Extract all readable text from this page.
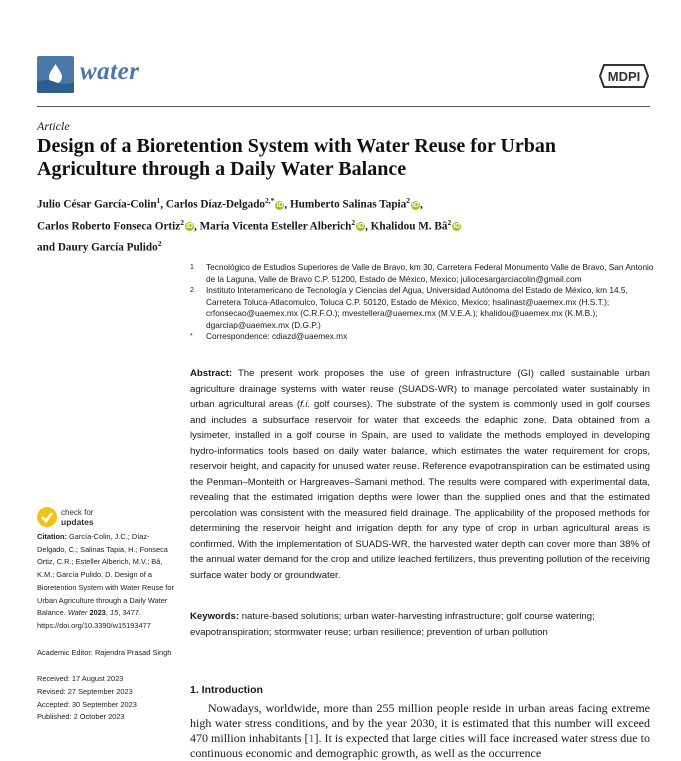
water	MDPI
Article
Design of a Bioretention System with Water Reuse for Urban Agriculture through a Daily Water Balance
Julio César García-Colin$^1$, Carlos Díaz-Delgado$^{2,*}$iD, Humberto Salinas Tapia$^2$iD,
Carlos Roberto Fonseca Ortiz$^2$iD, María Vicenta Esteller Alberich$^2$iD, Khalidou M. $Bâ^2iD$
and Daury García Pulido$^2$
1 Tecnológico de Estudios Superiores de Valle de Bravo, km 30, Carretera Federal Monumento Valle de Bravo, San Antonio de la Laguna, Valle de Bravo C.P. 51200, Estado de México, Mexico; juliocesargarciacolin@gmail.com
2 Instituto Interamericano de Tecnología y Ciencias del Agua, Universidad Autónoma del Estado de México, km 14.5, Carretera Toluca-Atlacomulco, Toluca C.P. 50120, Estado de México, Mexico; hsalinast@uaemex.mx (H.S.T.); crfonsecao@uaemex.mx (C.R.F.O.); mvestellera@uaemex.mx (M.V.E.A.); khalidou@uaemex.mx (K.M.B.); dgarciap@uaemex.mx (D.G.P.)
* Correspondence: cdiazd@uaemex.mx
Abstract: The present work proposes the use of green infrastructure (GI) called sustainable urban agriculture drainage systems with water reuse (SUADS-WR) to manage percolated water sustainably in urban agricultural areas (f.i. golf courses). The substrate of the system is commonly used in golf courses and includes a subsurface reservoir for water that exceeds the edaphic zone. Data obtained from a lysimeter, installed in a golf course in Spain, are used to validate the methods employed in developing hydro-informatics tools based on daily water balance, which estimates the water requirement for crops, reservoir height, and capacity for unused water reuse. Reference evapotranspiration can be estimated using the Penman–Monteith or Hargreaves–Samani method. The results were compared with experimental data, revealing that the estimated irrigation depths were lower than the supplied ones and that the estimated percolation was consistent with the measured field drainage. The applicability of the proposed methods for determining the reservoir height and irrigation depth for any type of crop in urban agricultural areas is confirmed. With the implementation of SUADS-WR, the harvested water depth can cover more than 38% of the annual water demand for the crop and utilize leached fertilizers, thus preventing pollution of the receiving surface water body or groundwater.
Keywords: nature-based solutions; urban water-harvesting infrastructure; golf course watering; evapotranspiration; stormwater reuse; urban resilience; prevention of urban pollution
check for
updates
Citation: García-Colin, J.C.; Díaz-Delgado, C.; Salinas Tapia, H.; Fonseca Ortiz, C.R.; Esteller Alberich, M.V.; Bâ, K.M.; García Pulido, D. Design of a Bioretention System with Water Reuse for Urban Agriculture through a Daily Water Balance. Water 2023, 15, 3477. https://doi.org/10.3390/w15193477
Academic Editor: Rajendra Prasad Singh
Received: 17 August 2023
Revised: 27 September 2023
Accepted: 30 September 2023
Published: 2 October 2023
1. Introduction

Nowadays, worldwide, more than 255 million people reside in urban areas facing extreme high water stress conditions, and by the year 2030, it is estimated that this number will exceed 470 million inhabitants [1]. It is expected that large cities will face increased water stress due to continuous economic and demographic growth, as well as the occurrence
